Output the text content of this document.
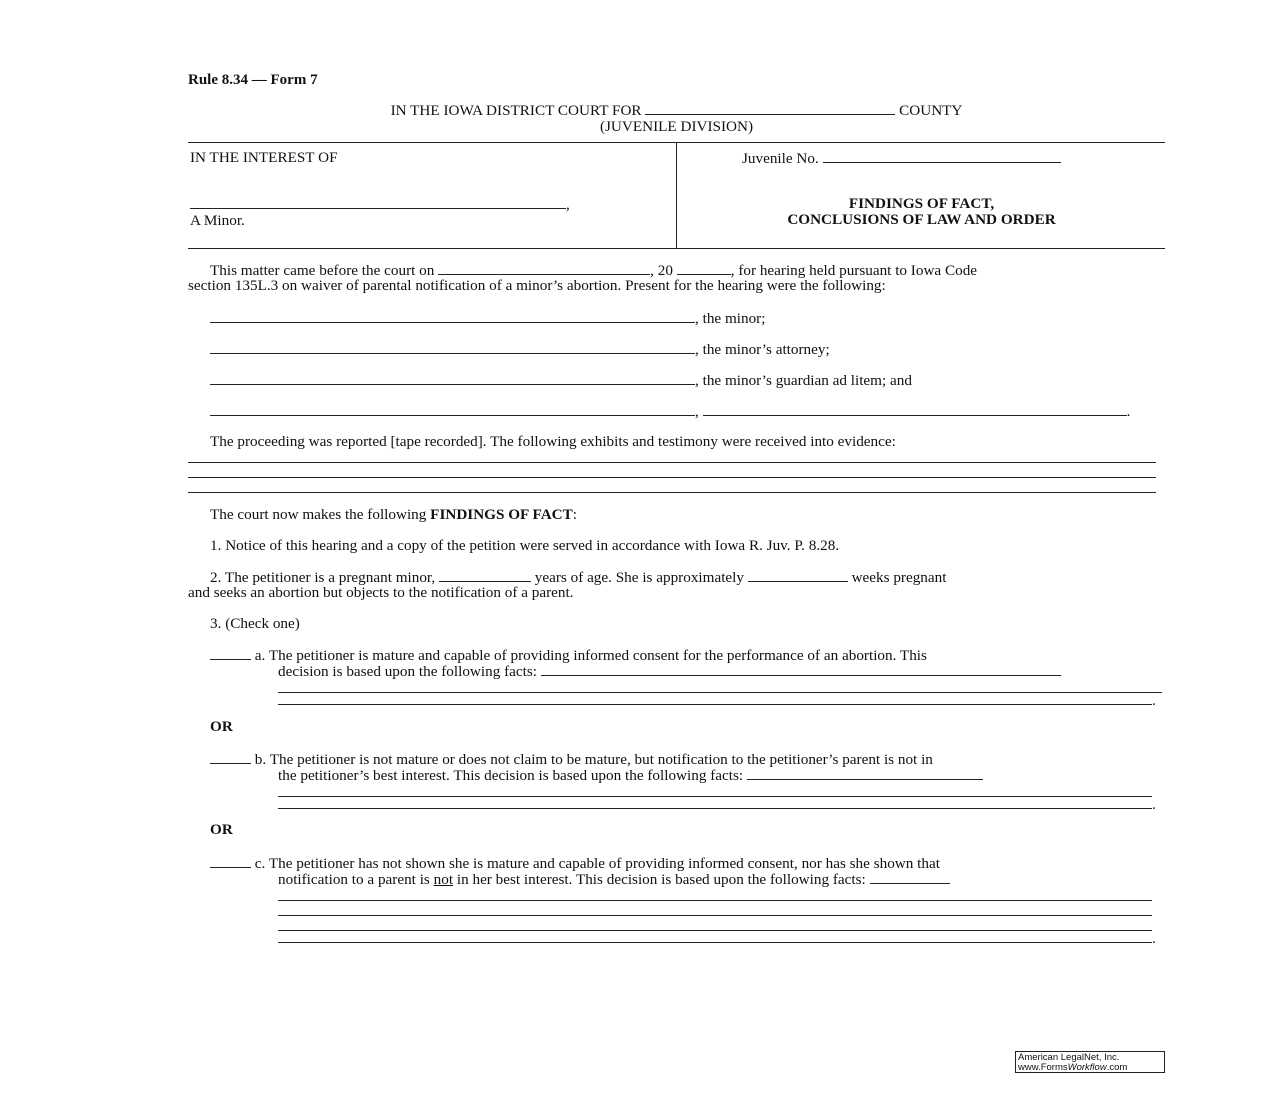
Rule 8.34 — Form 7
IN THE IOWA DISTRICT COURT FOR	COUNTY
(JUVENILE DIVISION)
IN THE INTEREST OF
,
A Minor.
Juvenile No.
FINDINGS OF FACT,
CONCLUSIONS OF LAW AND ORDER
This matter came before the court on	, 20	, for hearing held pursuant to Iowa Code
section 135L.3 on waiver of parental notification of a minor’s abortion. Present for the hearing were the following:
, the minor;
, the minor’s attorney;
, the minor’s guardian ad litem; and
,	.
The proceeding was reported [tape recorded]. The following exhibits and testimony were received into evidence:
The court now makes the following FINDINGS OF FACT:
1. Notice of this hearing and a copy of the petition were served in accordance with Iowa R. Juv. P. 8.28.
2. The petitioner is a pregnant minor,	years of age. She is approximately	weeks pregnant
and seeks an abortion but objects to the notification of a parent.
3. (Check one)
a. The petitioner is mature and capable of providing informed consent for the performance of an abortion. This
decision is based upon the following facts:
.
OR
b. The petitioner is not mature or does not claim to be mature, but notification to the petitioner’s parent is not in
the petitioner’s best interest. This decision is based upon the following facts:
.
OR
c. The petitioner has not shown she is mature and capable of providing informed consent, nor has she shown that
notification to a parent is not in her best interest. This decision is based upon the following facts:
.
American LegalNet, Inc.
www.FormsWorkflow.com
